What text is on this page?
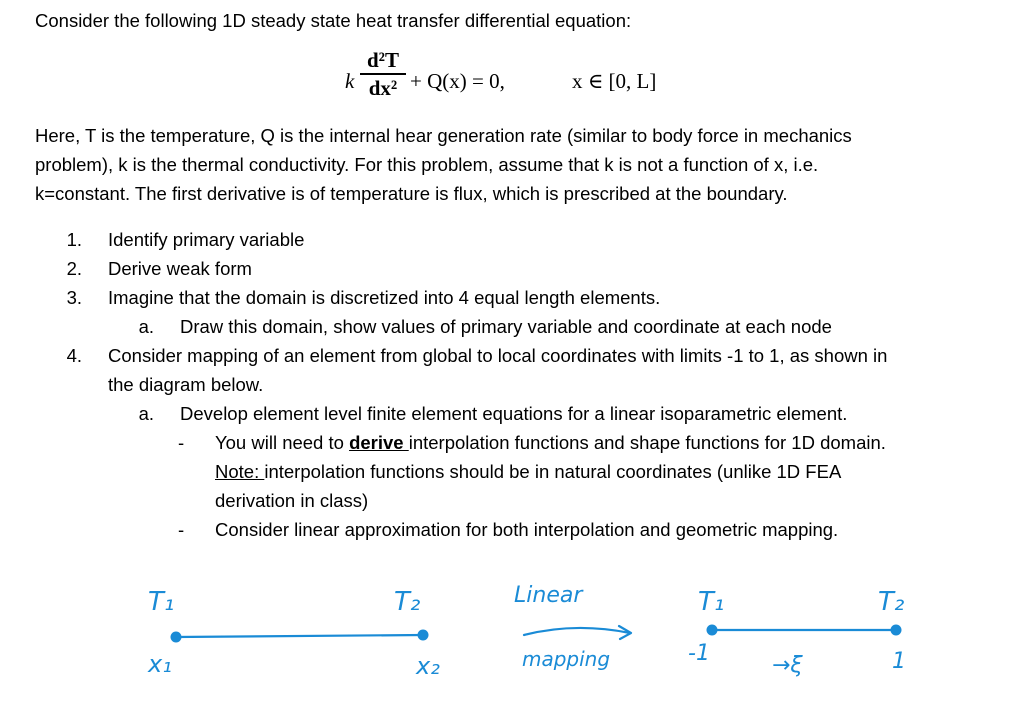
Consider the following 1D steady state heat transfer differential equation:
k
d²T
dx² + Q(x) = 0,	x ∈ [0, L]
Here, T is the temperature, Q is the internal hear generation rate (similar to body force in mechanics
problem), k is the thermal conductivity. For this problem, assume that k is not a function of x, i.e.
k=constant. The first derivative is of temperature is flux, which is prescribed at the boundary.
1. Identify primary variable
2. Derive weak form
3. Imagine that the domain is discretized into 4 equal length elements.
a. Draw this domain, show values of primary variable and coordinate at each node
4. Consider mapping of an element from global to local coordinates with limits -1 to 1, as shown in
the diagram below.
a. Develop element level finite element equations for a linear isoparametric element.
- You will need to derive interpolation functions and shape functions for 1D domain.
Note: interpolation functions should be in natural coordinates (unlike 1D FEA
derivation in class)
- Consider linear approximation for both interpolation and geometric mapping.
T₁	T₂
x₁	x₂
Linear
mapping
T₁	T₂
-1	→ξ	1
